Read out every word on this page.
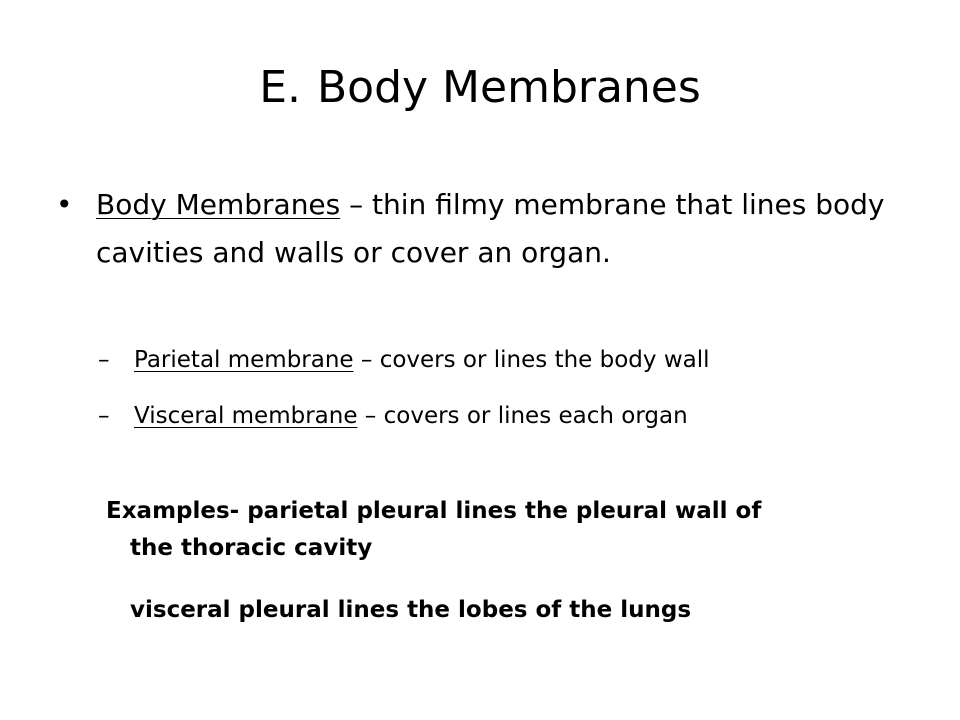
E. Body Membranes
• Body Membranes – thin filmy membrane that lines body cavities and walls or cover an organ.
– Parietal membrane – covers or lines the body wall
– Visceral membrane – covers or lines each organ
Examples- parietal pleural lines the pleural wall of
the thoracic cavity
visceral pleural lines the lobes of the lungs
